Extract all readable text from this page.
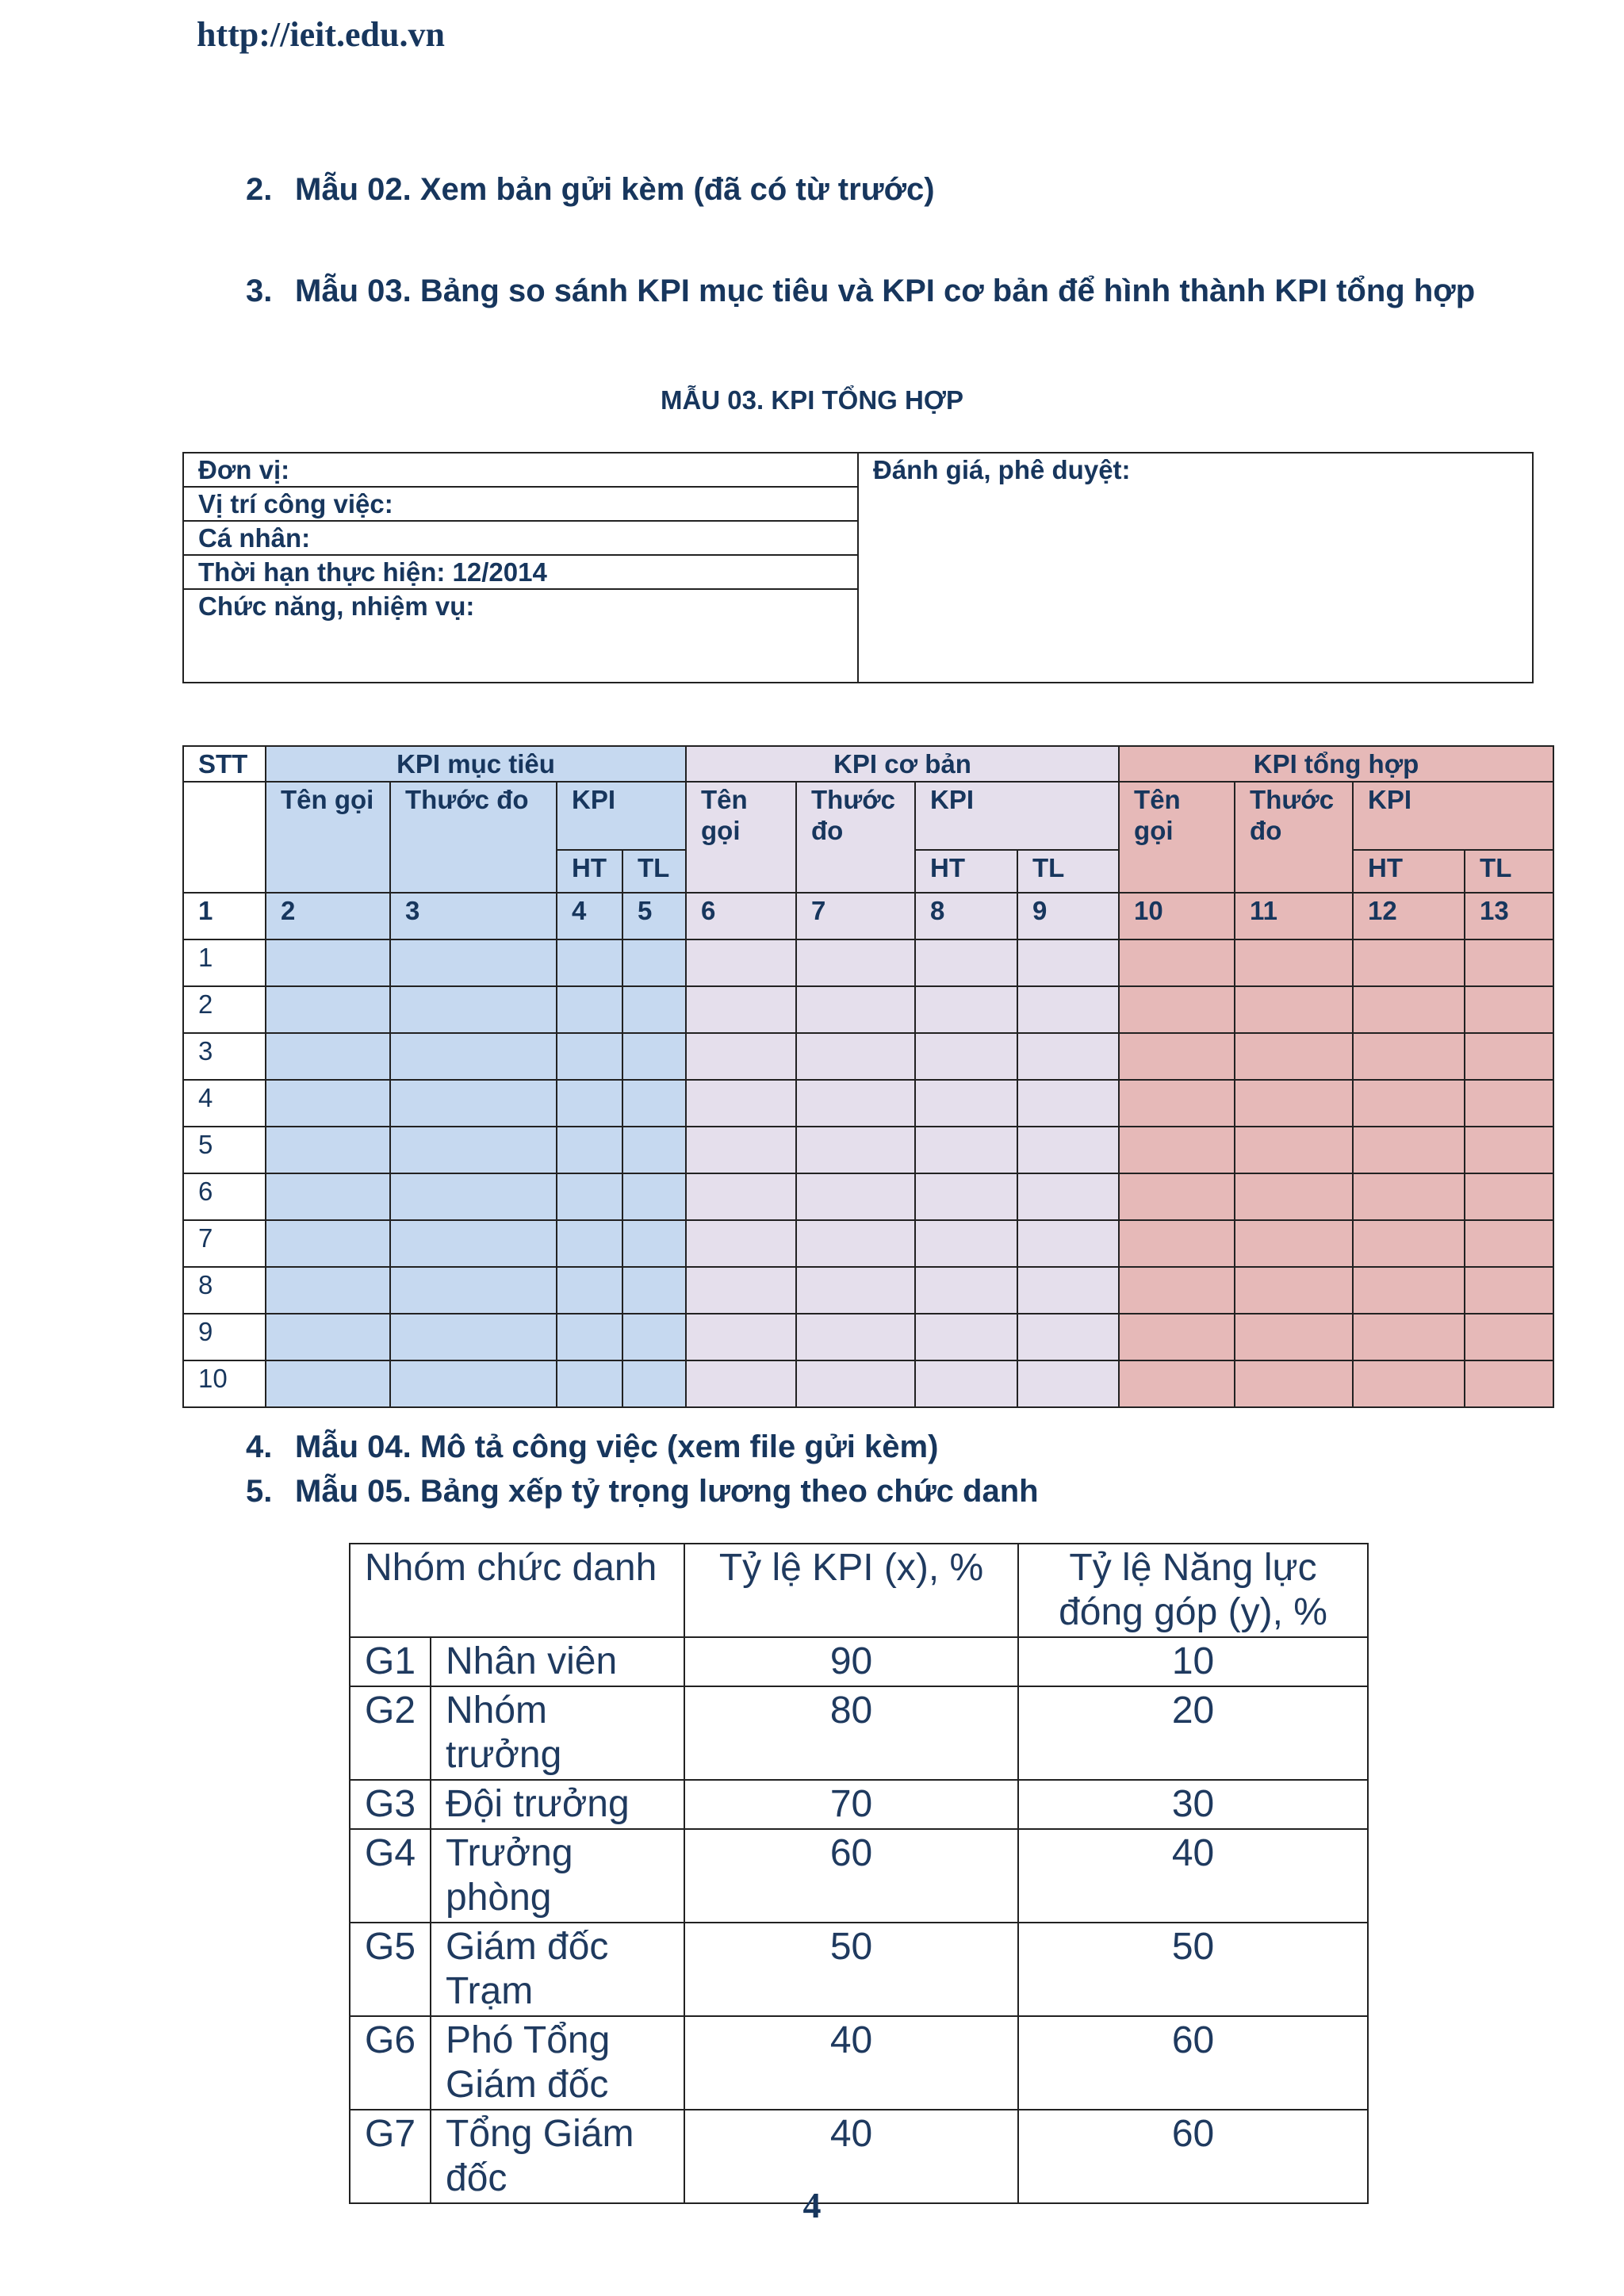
http://ieit.edu.vn
2. Mẫu 02. Xem bản gửi kèm (đã có từ trước)
3. Mẫu 03. Bảng so sánh KPI mục tiêu và KPI cơ bản để hình thành KPI tổng hợp
MẪU 03. KPI TỔNG HỢP
Đơn vị:	Đánh giá, phê duyệt:
Vị trí công việc:
Cá nhân:
Thời hạn thực hiện: 12/2014
Chức năng, nhiệm vụ:
STT	KPI mục tiêu				KPI cơ bản				KPI tổng hợp			
	Tên gọi	Thước đo	KPI		Tên gọi	Thước đo	KPI		Tên gọi	Thước đo	KPI	
			HT	TL			HT	TL			HT	TL
1	2	3	4	5	6	7	8	9	10	11	12	13
1												
2												
3												
4												
5												
6												
7												
8												
9												
10												
4. Mẫu 04. Mô tả công việc (xem file gửi kèm)
5. Mẫu 05. Bảng xếp tỷ trọng lương theo chức danh
Nhóm chức danh		Tỷ lệ KPI (x), %	Tỷ lệ Năng lực đóng góp (y), %
G1	Nhân viên	90	10
G2	Nhóm trưởng	80	20
G3	Đội trưởng	70	30
G4	Trưởng phòng	60	40
G5	Giám đốc Trạm	50	50
G6	Phó Tổng Giám đốc	40	60
G7	Tổng Giám đốc	40	60
4
